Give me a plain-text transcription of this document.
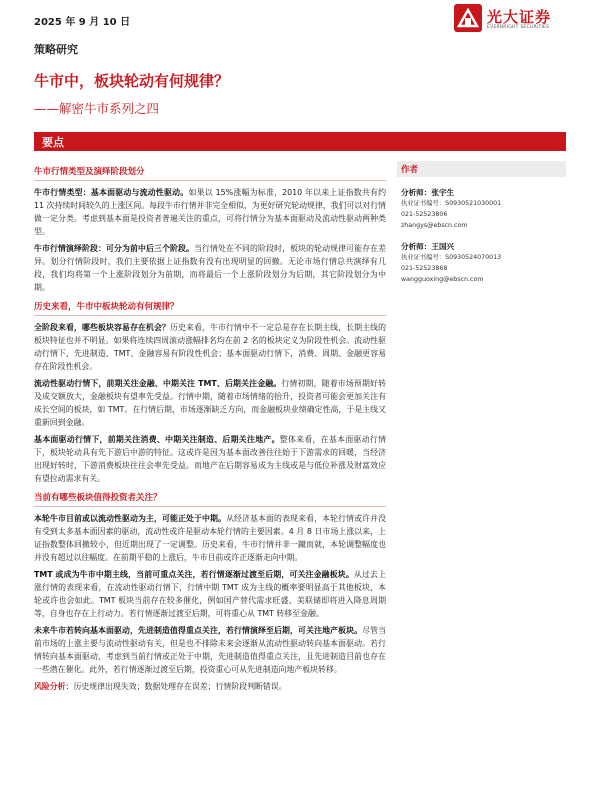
2025 年 9 月 10 日	光大证券
EVERBRIGHT SECURITIES
策略研究
牛市中，板块轮动有何规律？
——解密牛市系列之四
要点
牛市行情类型及演绎阶段划分

牛市行情类型：基本面驱动与流动性驱动。如果以 15%涨幅为标准，2010 年以来上证指数共有约 11 次持续时间较久的上涨区间。每段牛市行情并非完全相似，为更好研究轮动规律，我们可以对行情做一定分类。考虑到基本面是投资者普遍关注的重点，可将行情分为基本面驱动及流动性驱动两种类型。

牛市行情演绎阶段：可分为前中后三个阶段。当行情处在不同的阶段时，板块的轮动规律可能存在差异。划分行情阶段时，我们主要依据上证指数有没有出现明显的回撤。无论市场行情总共演绎有几段，我们均将第一个上涨阶段划分为前期，而将最后一个上涨阶段划分为后期，其它阶段划分为中期。

历史来看，牛市中板块轮动有何规律？

全阶段来看，哪些板块容易存在机会？历史来看，牛市行情中不一定总是存在长期主线，长期主线的板块特征也并不明显。如果将连续四周滚动涨幅排名均在前 2 名的板块定义为阶段性机会。流动性驱动行情下，先进制造、TMT、金融容易有阶段性机会；基本面驱动行情下，消费、周期、金融更容易存在阶段性机会。

流动性驱动行情下，前期关注金融、中期关注 TMT、后期关注金融。行情初期，随着市场预期好转及成交额放大，金融板块有望率先受益。行情中期，随着市场情绪的抬升，投资者可能会更加关注有成长空间的板块，如 TMT。在行情后期，市场逐渐缺乏方向，而金融板块业绩确定性高，于是主线又重新回到金融。

基本面驱动行情下，前期关注消费、中期关注制造、后期关注地产。整体来看，在基本面驱动行情下，板块轮动具有先下游后中游的特征。这或许是因为基本面改善往往始于下游需求的回暖，当经济出现好转时，下游消费板块往往会率先受益。而地产在后期容易成为主线或是与低位补涨及财富效应有望拉动需求有关。

当前有哪些板块值得投资者关注？

本轮牛市目前或以流动性驱动为主，可能正处于中期。从经济基本面的表现来看，本轮行情或许并没有受到太多基本面因素的驱动，流动性或许是驱动本轮行情的主要因素。4 月 8 日市场上涨以来，上证指数整体回撤较小，但近期出现了一定调整。历史来看，牛市行情并非一蹴而就，本轮调整幅度也并没有超过以往幅度。在前期平稳的上涨后，牛市目前或许正逐渐走向中期。

TMT 或成为牛市中期主线，当前可重点关注，若行情逐渐过渡至后期，可关注金融板块。从过去上涨行情的表现来看，在流动性驱动行情下，行情中期 TMT 成为主线的概率要明显高于其他板块，本轮或许也会如此。TMT 板块当前存在较多催化，例如国产替代需求旺盛、美联储即将进入降息周期等，自身也存在上行动力。若行情逐渐过渡至后期，可将重心从 TMT 转移至金融。

未来牛市若转向基本面驱动，先进制造值得重点关注，若行情演绎至后期，可关注地产板块。尽管当前市场的上涨主要与流动性驱动有关，但是也不排除未来会逐渐从流动性驱动转向基本面驱动。若行情转向基本面驱动，考虑到当前行情或正处于中期，先进制造值得重点关注，且先进制造目前也存在一些潜在催化。此外，若行情逐渐过渡至后期，投资重心可从先进制造向地产板块转移。

风险分析：历史规律出现失效；数据处理存在误差；行情阶段判断错误。

作者
分析师：张宇生
执业证书编号：S0930521030001
021-52523806
zhangys@ebscn.com
分析师：王国兴
执业证书编号：S0930524070013
021-52523868
wangguoxing@ebscn.com
